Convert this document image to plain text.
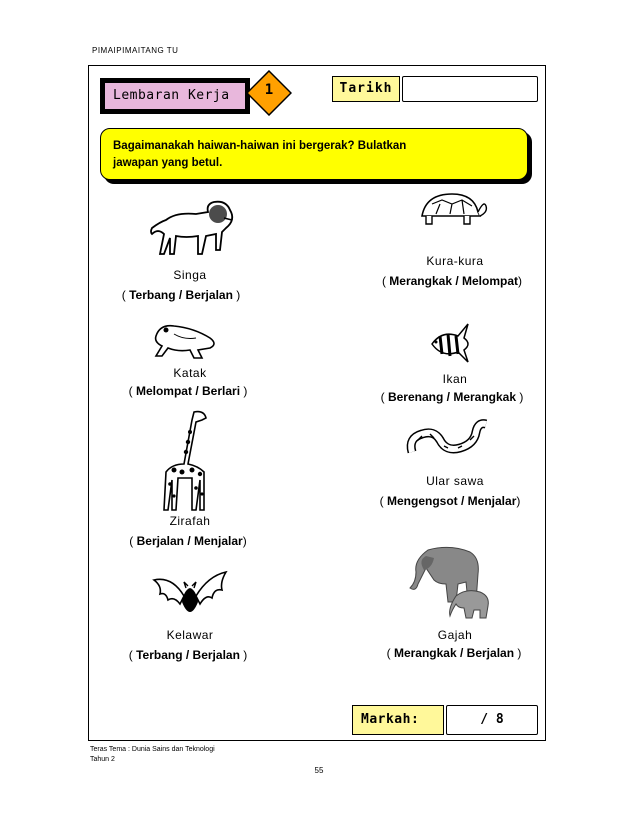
PIMAIPIMAITANG TU
Lembaran Kerja	1	Tarikh
Bagaimanakah haiwan-haiwan ini bergerak? Bulatkan
jawapan yang betul.
Singa
( Terbang / Berjalan )
Kura-kura
( Merangkak / Melompat)
Katak
( Melompat / Berlari )
Ikan
( Berenang / Merangkak )
Zirafah
( Berjalan / Menjalar)
Ular sawa
( Mengengsot / Menjalar)
Kelawar
( Terbang / Berjalan )
Gajah
( Merangkak / Berjalan )
Markah:	/ 8
Teras Tema : Dunia Sains dan Teknologi
Tahun 2
55
